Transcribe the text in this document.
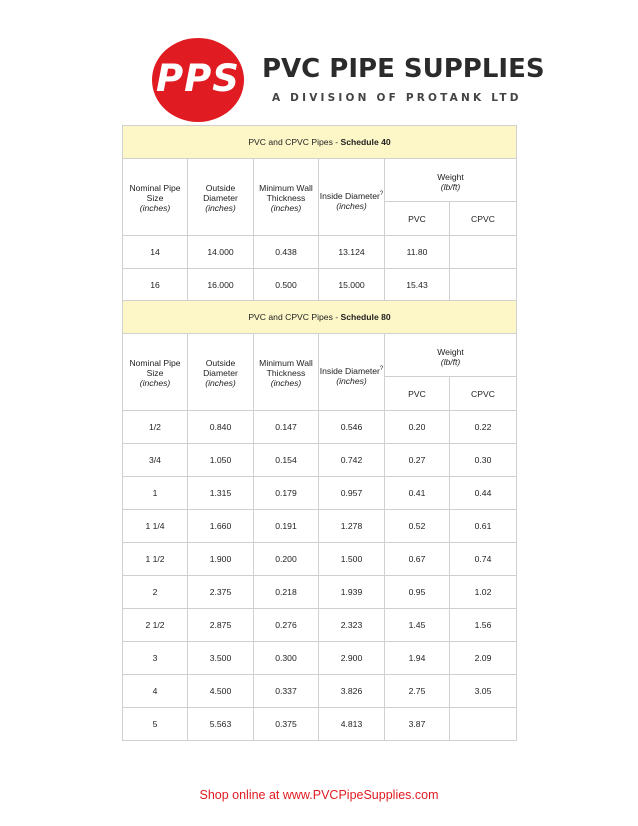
PPS PVC PIPE SUPPLIES
A DIVISION OF PROTANK LTD
PVC and CPVC Pipes - Schedule 40					

Nominal Pipe
Size
(inches)	Outside
Diameter
(inches)	Minimum Wall
Thickness
(inches)	Inside Diameter?
(inches)	Weight
(lb/ft)	

				PVC	CPVC
14	14.000	0.438	13.124	11.80	
16	16.000	0.500	15.000	15.43	
PVC and CPVC Pipes - Schedule 80					

Nominal Pipe
Size
(inches)	Outside
Diameter
(inches)	Minimum Wall
Thickness
(inches)	Inside Diameter?
(inches)	Weight
(lb/ft)	

				PVC	CPVC
1/2	0.840	0.147	0.546	0.20	0.22
3/4	1.050	0.154	0.742	0.27	0.30
1	1.315	0.179	0.957	0.41	0.44
1 1/4	1.660	0.191	1.278	0.52	0.61
1 1/2	1.900	0.200	1.500	0.67	0.74
2	2.375	0.218	1.939	0.95	1.02
2 1/2	2.875	0.276	2.323	1.45	1.56
3	3.500	0.300	2.900	1.94	2.09
4	4.500	0.337	3.826	2.75	3.05
5	5.563	0.375	4.813	3.87	
Shop online at www.PVCPipeSupplies.com
